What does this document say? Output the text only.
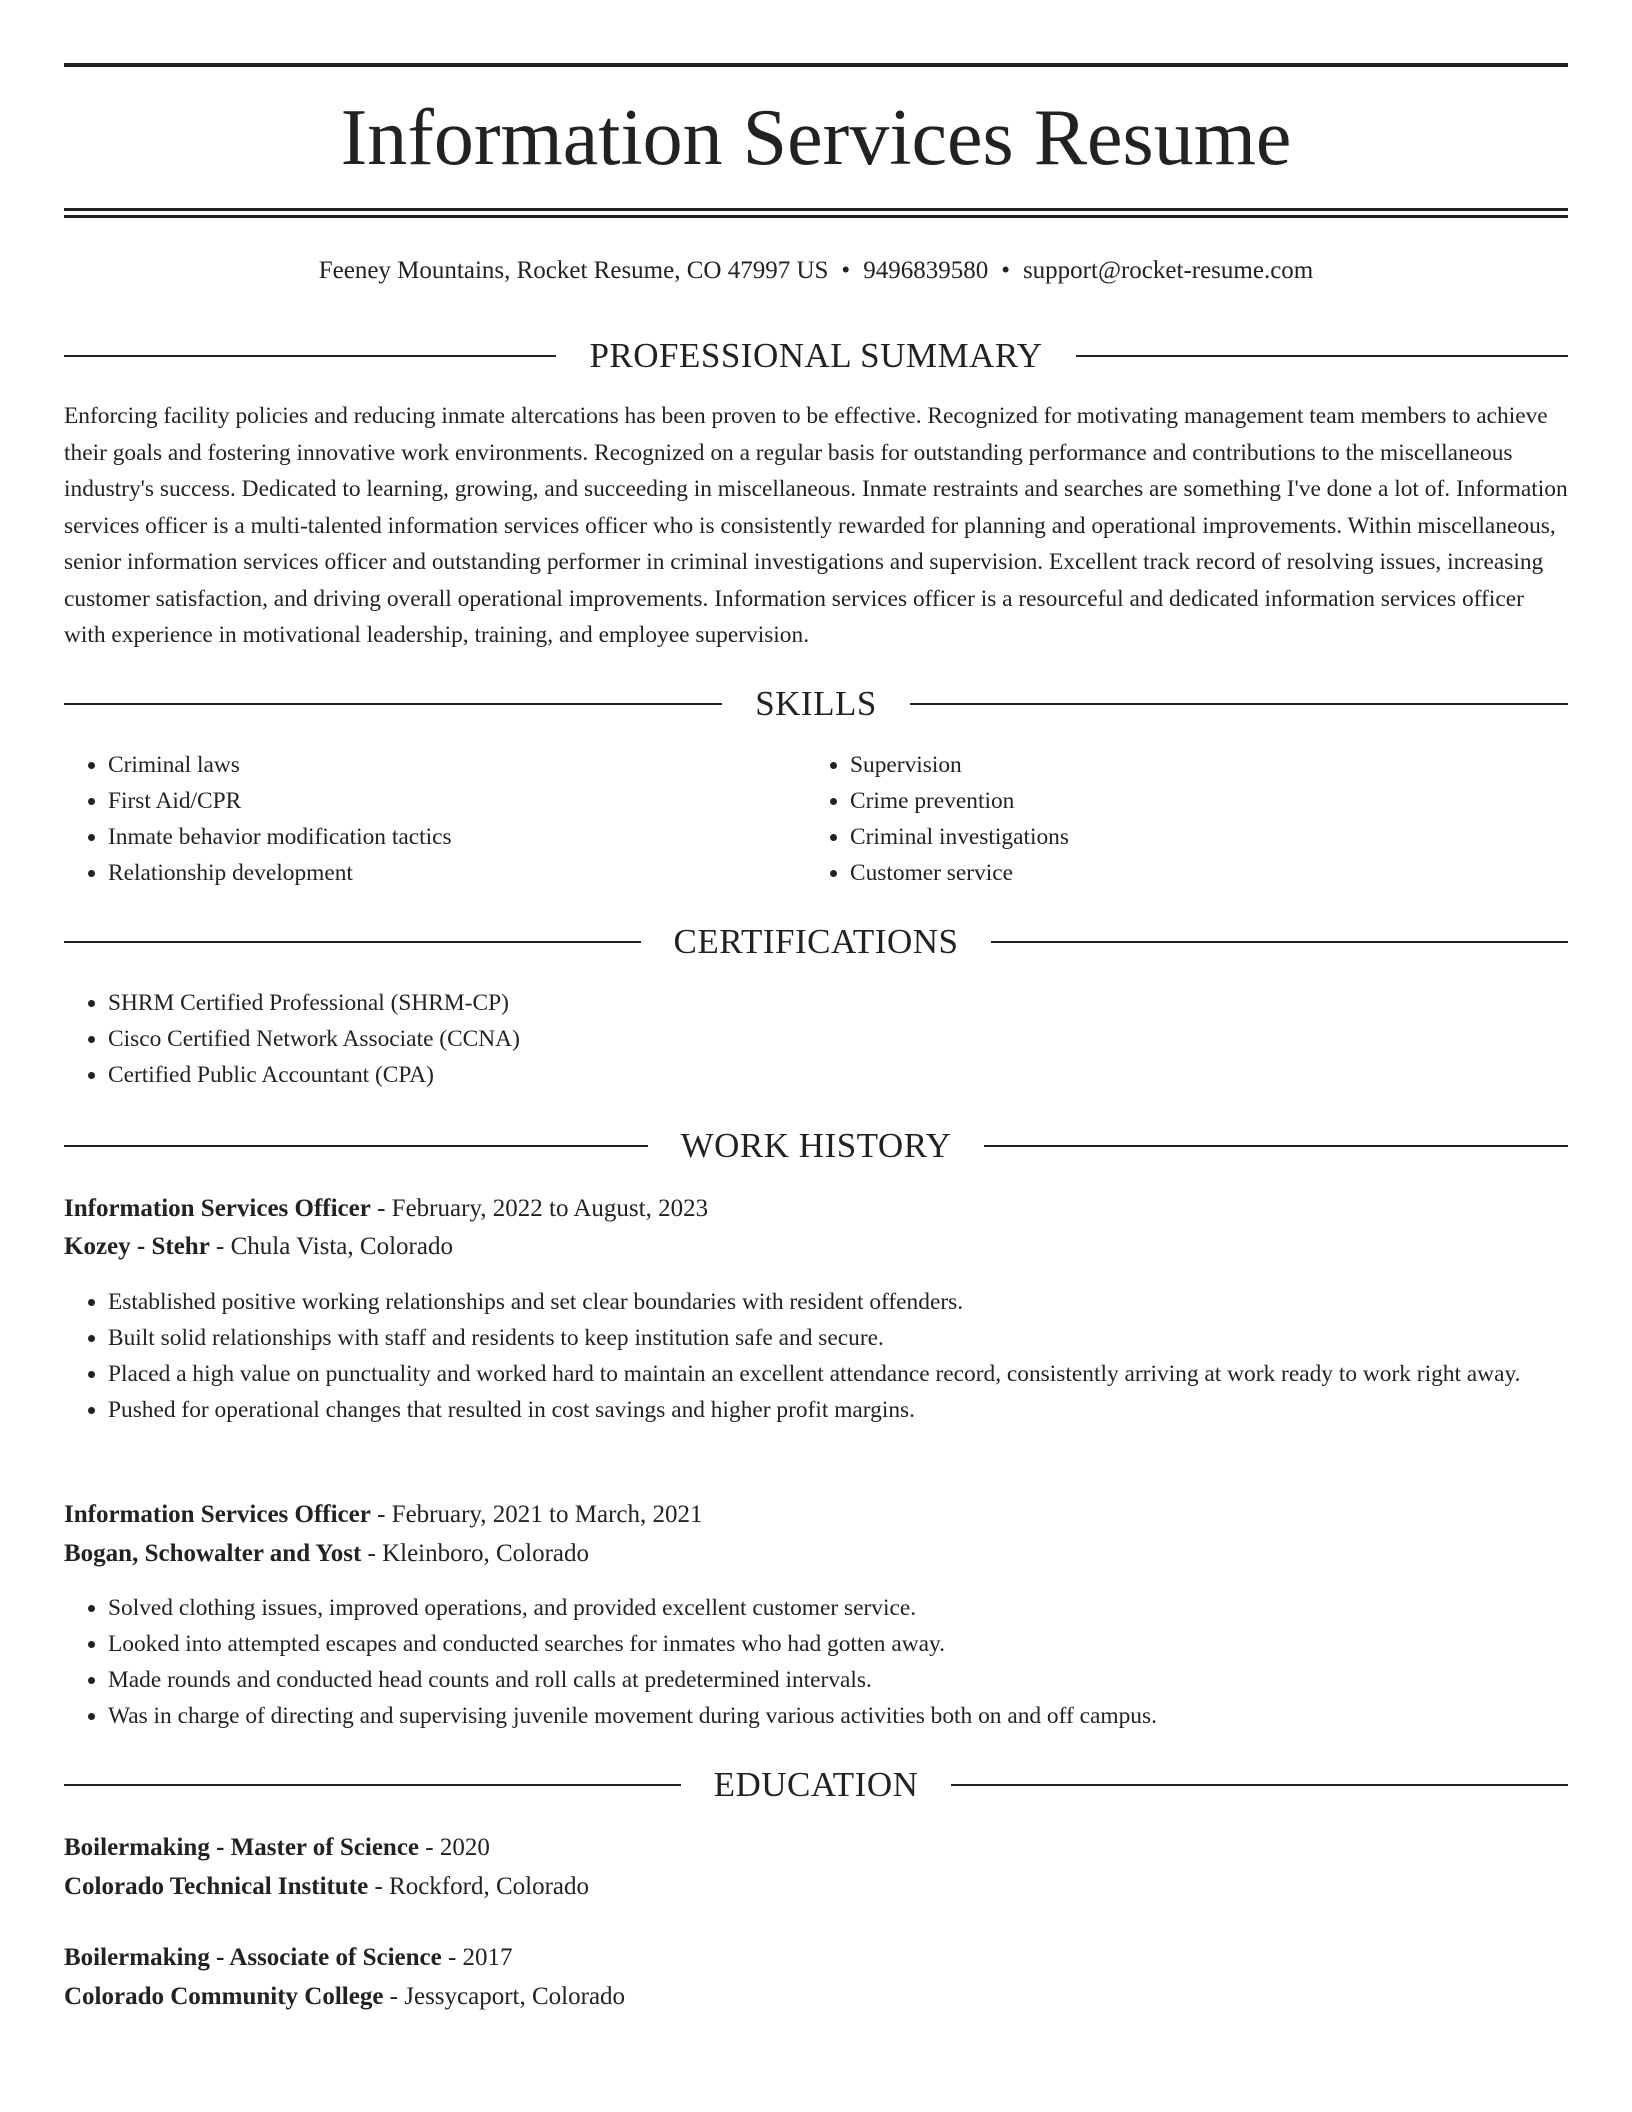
Information Services Resume
Feeney Mountains, Rocket Resume, CO 47997 US • 9496839580 • support@rocket-resume.com
PROFESSIONAL SUMMARY

Enforcing facility policies and reducing inmate altercations has been proven to be effective. Recognized for motivating management team members to achieve their goals and fostering innovative work environments. Recognized on a regular basis for outstanding performance and contributions to the miscellaneous industry's success. Dedicated to learning, growing, and succeeding in miscellaneous. Inmate restraints and searches are something I've done a lot of. Information services officer is a multi-talented information services officer who is consistently rewarded for planning and operational improvements. Within miscellaneous, senior information services officer and outstanding performer in criminal investigations and supervision. Excellent track record of resolving issues, increasing customer satisfaction, and driving overall operational improvements. Information services officer is a resourceful and dedicated information services officer with experience in motivational leadership, training, and employee supervision.

SKILLS
• Criminal laws
• First Aid/CPR
• Inmate behavior modification tactics
• Relationship development
• Supervision
• Crime prevention
• Criminal investigations
• Customer service
CERTIFICATIONS
• SHRM Certified Professional (SHRM-CP)
• Cisco Certified Network Associate (CCNA)
• Certified Public Accountant (CPA)
WORK HISTORY
Information Services Officer - February, 2022 to August, 2023
Kozey - Stehr - Chula Vista, Colorado
• Established positive working relationships and set clear boundaries with resident offenders.
• Built solid relationships with staff and residents to keep institution safe and secure.
• Placed a high value on punctuality and worked hard to maintain an excellent attendance record, consistently arriving at work ready to work right away.
• Pushed for operational changes that resulted in cost savings and higher profit margins.
Information Services Officer - February, 2021 to March, 2021
Bogan, Schowalter and Yost - Kleinboro, Colorado
• Solved clothing issues, improved operations, and provided excellent customer service.
• Looked into attempted escapes and conducted searches for inmates who had gotten away.
• Made rounds and conducted head counts and roll calls at predetermined intervals.
• Was in charge of directing and supervising juvenile movement during various activities both on and off campus.
EDUCATION
Boilermaking - Master of Science - 2020
Colorado Technical Institute - Rockford, Colorado
Boilermaking - Associate of Science - 2017
Colorado Community College - Jessycaport, Colorado
